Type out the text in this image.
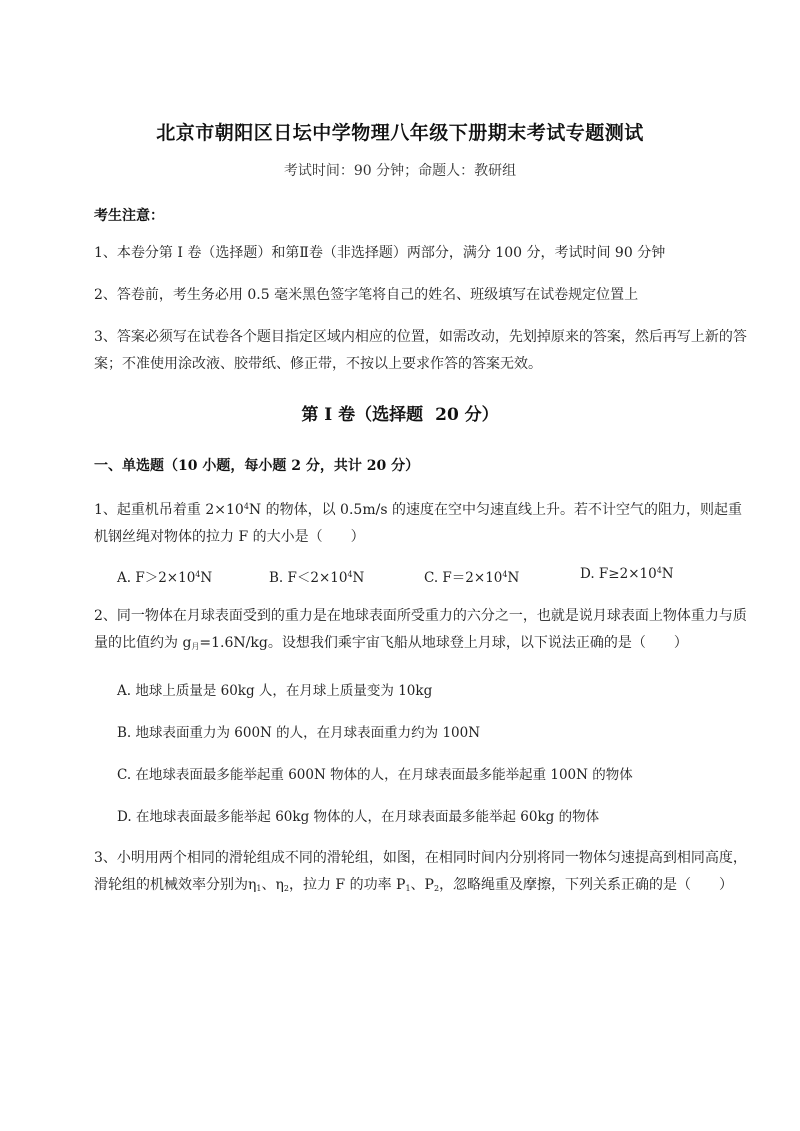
北京市朝阳区日坛中学物理八年级下册期末考试专题测试
考试时间：90 分钟；命题人：教研组
考生注意：
1、本卷分第 I 卷（选择题）和第Ⅱ卷（非选择题）两部分，满分 100 分，考试时间 90 分钟
2、答卷前，考生务必用 0.5 毫米黑色签字笔将自己的姓名、班级填写在试卷规定位置上
3、答案必须写在试卷各个题目指定区域内相应的位置，如需改动，先划掉原来的答案，然后再写上新的答案；不准使用涂改液、胶带纸、修正带，不按以上要求作答的答案无效。
第 I 卷（选择题 20 分）
一、单选题（10 小题，每小题 2 分，共计 20 分）
1、起重机吊着重 $2\times 10^4N$ 的物体，以 0.5m/s 的速度在空中匀速直线上升。若不计空气的阻力，则起重机钢丝绳对物体的拉力 F 的大小是（　　）
A. $F>2\times 10^4N$	B. $F<2\times 10^4N$	C. $F=2\times 10^4N$	D. $F\ge 2\times 10^4N$
2、同一物体在月球表面受到的重力是在地球表面所受重力的六分之一，也就是说月球表面上物体重力与质量的比值约为 $g_月=1.6N/kg$。设想我们乘宇宙飞船从地球登上月球，以下说法正确的是（　　）
A. 地球上质量是 60kg 人，在月球上质量变为 10kg
B. 地球表面重力为 600N 的人，在月球表面重力约为 100N
C. 在地球表面最多能举起重 600N 物体的人，在月球表面最多能举起重 100N 的物体
D. 在地球表面最多能举起 60kg 物体的人，在月球表面最多能举起 60kg 的物体
3、小明用两个相同的滑轮组成不同的滑轮组，如图，在相同时间内分别将同一物体匀速提高到相同高度，滑轮组的机械效率分别为$\eta_1$、$\eta_2$，拉力 F 的功率 $P_1$、$P_2$，忽略绳重及摩擦，下列关系正确的是（　　）
